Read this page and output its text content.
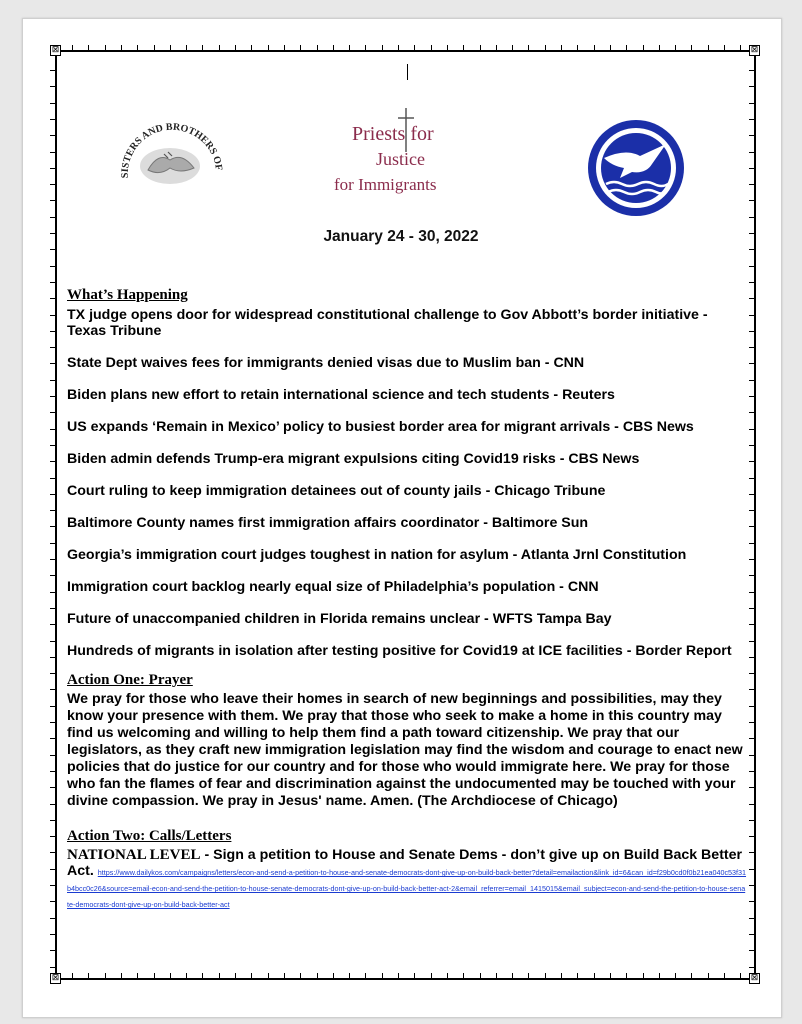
⊠	⊠
⊠	⊠
SISTERS AND BROTHERS OF
Priests for
Justice
for Immigrants
January 24 - 30, 2022

What’s Happening

TX judge opens door for widespread constitutional challenge to Gov Abbott’s border initiative - Texas Tribune

State Dept waives fees for immigrants denied visas due to Muslim ban - CNN

Biden plans new effort to retain international science and tech students - Reuters

US expands ‘Remain in Mexico’ policy to busiest border area for migrant arrivals - CBS News

Biden admin defends Trump-era migrant expulsions citing Covid19 risks - CBS News

Court ruling to keep immigration detainees out of county jails - Chicago Tribune

Baltimore County names first immigration affairs coordinator - Baltimore Sun

Georgia’s immigration court judges toughest in nation for asylum - Atlanta Jrnl Constitution

Immigration court backlog nearly equal size of Philadelphia’s population - CNN

Future of unaccompanied children in Florida remains unclear - WFTS Tampa Bay

Hundreds of migrants in isolation after testing positive for Covid19 at ICE facilities - Border Report

Action One: Prayer

We pray for those who leave their homes in search of new beginnings and possibilities, may they know your presence with them. We pray that those who seek to make a home in this country may find us welcoming and willing to help them find a path toward citizenship. We pray that our legislators, as they craft new immigration legislation may find the wisdom and courage to enact new policies that do justice for our country and for those who would immigrate here. We pray for those who fan the flames of fear and discrimination against the undocumented may be touched with your divine compassion. We pray in Jesus' name. Amen. (The Archdiocese of Chicago)

Action Two: Calls/Letters

NATIONAL LEVEL - Sign a petition to House and Senate Dems - don’t give up on Build Back Better Act. https://www.dailykos.com/campaigns/letters/econ-and-send-a-petition-to-house-and-senate-democrats-dont-give-up-on-build-back-better?detail=emailaction&link_id=6&can_id=f29b0cd0f0b21ea040c53f31b4bcc0c26&source=email-econ-and-send-the-petition-to-house-senate-democrats-dont-give-up-on-build-back-better-act-2&email_referrer=email_1415015&email_subject=econ-and-send-the-petition-to-house-senate-democrats-dont-give-up-on-build-back-better-act
